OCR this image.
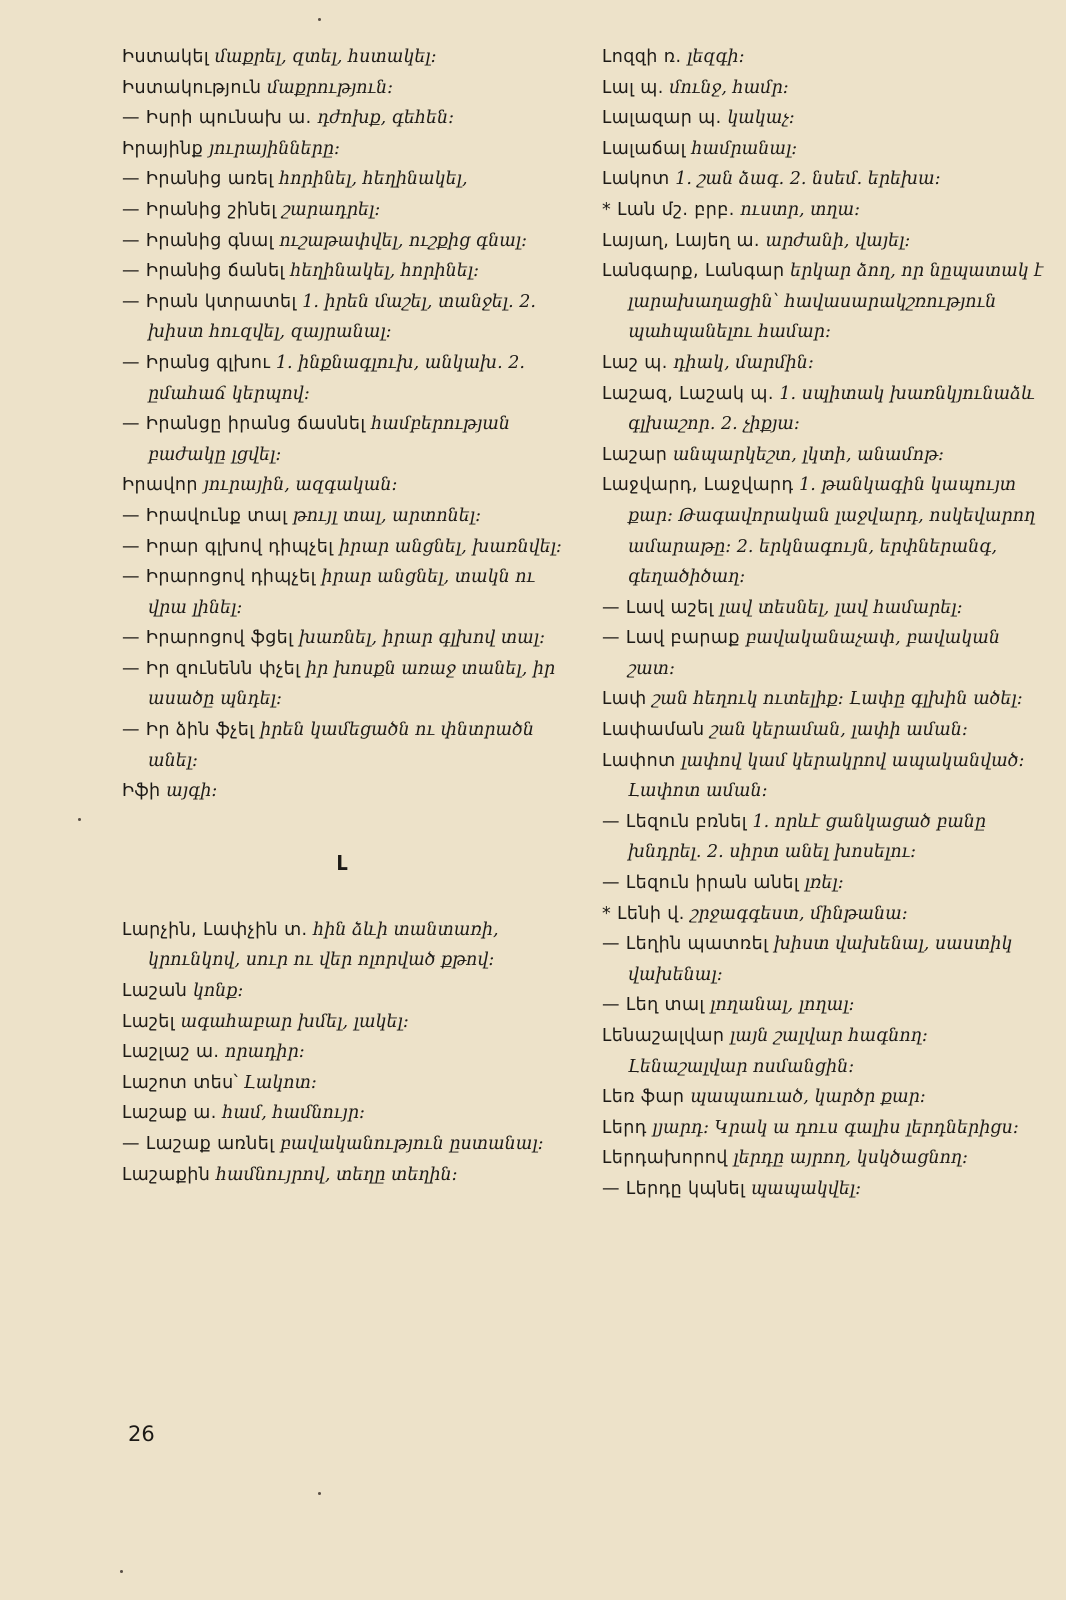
Իստակել մաքրել, զտել, հստակել:
Իստակություն մաքրություն:
— Իսրի պունախ ա. դժոխք, գեհեն:
Իրայինք յուրայինները:
— Իրանից առել հորինել, հեղինակել,
— Իրանից շինել շարադրել:
— Իրանից գնալ ուշաթափվել, ուշքից գնալ:
— Իրանից ճանել հեղինակել, հորինել:
— Իրան կտրատել 1. իրեն մաշել, տանջել. 2. խիստ հուզվել, զայրանալ:
— Իրանց գլխու 1. ինքնագլուխ, անկախ. 2. ըմահաճ կերպով:
— Իրանցը իրանց ճասնել համբերության բաժակը լցվել:
Իրավոր յուրային, ազգական:
— Իրավունք տալ թույլ տալ, արտոնել:
— Իրար գլխով դիպչել իրար անցնել, խառնվել:
— Իրարոցով դիպչել իրար անցնել, տակն ու վրա լինել:
— Իրարոցով ֆցել խառնել, իրար գլխով տալ:
— Իր զունենն փչել իր խոսքն առաջ տանել, իր ասածը պնդել:
— Իր ձին ֆչել իրեն կամեցածն ու փնտրածն անել:
Իֆի այգի:
Լ
Լարչին, Լափչին տ. հին ձևի տանտառի, կրունկով, սուր ու վեր ոլորված քթով:
Լաշան կոնք:
Լաշել ագահաբար խմել, լակել:
Լաշլաշ ա. որադիր:
Լաշոտ տես՝ Լակոտ:
Լաշաք ա. համ, համնույր:
— Լաշաք առնել բավականություն ըստանալ:
Լաշաքին համնույրով, տեղը տեղին:
Լոզզի ռ. լեզգի:
Լալ պ. մունջ, համր:
Լալազար պ. կակաչ:
Լալաճալ համրանալ:
Լակոտ 1. շան ձագ. 2. նսեմ. երեխա:
* Լան մշ. բրբ. ուստր, տղա:
Լայաղ, Լայեղ ա. արժանի, վայել:
Լանգարք, Լանգար երկար ձող, որ նըպատակ է լարախաղացին՝ հավասարակշռություն պահպանելու համար:
Լաշ պ. դիակ, մարմին:
Լաշազ, Լաշակ պ. 1. սպիտակ խառնկյունաձև գլխաշոր. 2. չիքյա:
Լաշար անպարկեշտ, լկտի, անամոթ:
Լաջվարդ, Լաջվարդ 1. թանկագին կապույտ քար: Թագավորական լաջվարդ, ոսկեվարող ամարաթը: 2. երկնագույն, երփներանգ, գեղածիծաղ:
— Լավ աշել լավ տեսնել, լավ համարել:
— Լավ բարաք բավականաչափ, բավական շատ:
Լափ շան հեղուկ ուտելիք: Լափը գլխին ածել:
Լափաման շան կերաման, լափի աման:
Լափոտ լափով կամ կերակրով ապականված: Լափոտ աման:
— Լեզուն բռնել 1. որևէ ցանկացած բանը խնդրել. 2. սիրտ անել խոսելու:
— Լեզուն իրան անել լռել:
* Լենի վ. շրջագգեստ, մինթանա:
— Լեղին պատռել խիստ վախենալ, սաստիկ վախենալ:
— Լեղ տալ լողանալ, լողալ:
Լենաշալվար լայն շալվար հագնող: Լենաշալվար ոսմանցին:
Լեռ ֆար պապաուած, կարծր քար:
Լերդ լյարդ: Կրակ ա դուս գալիս լերդներիցս:
Լերդախորով լերդը այրող, կսկծացնող:
— Լերդը կպնել պապակվել:
26
